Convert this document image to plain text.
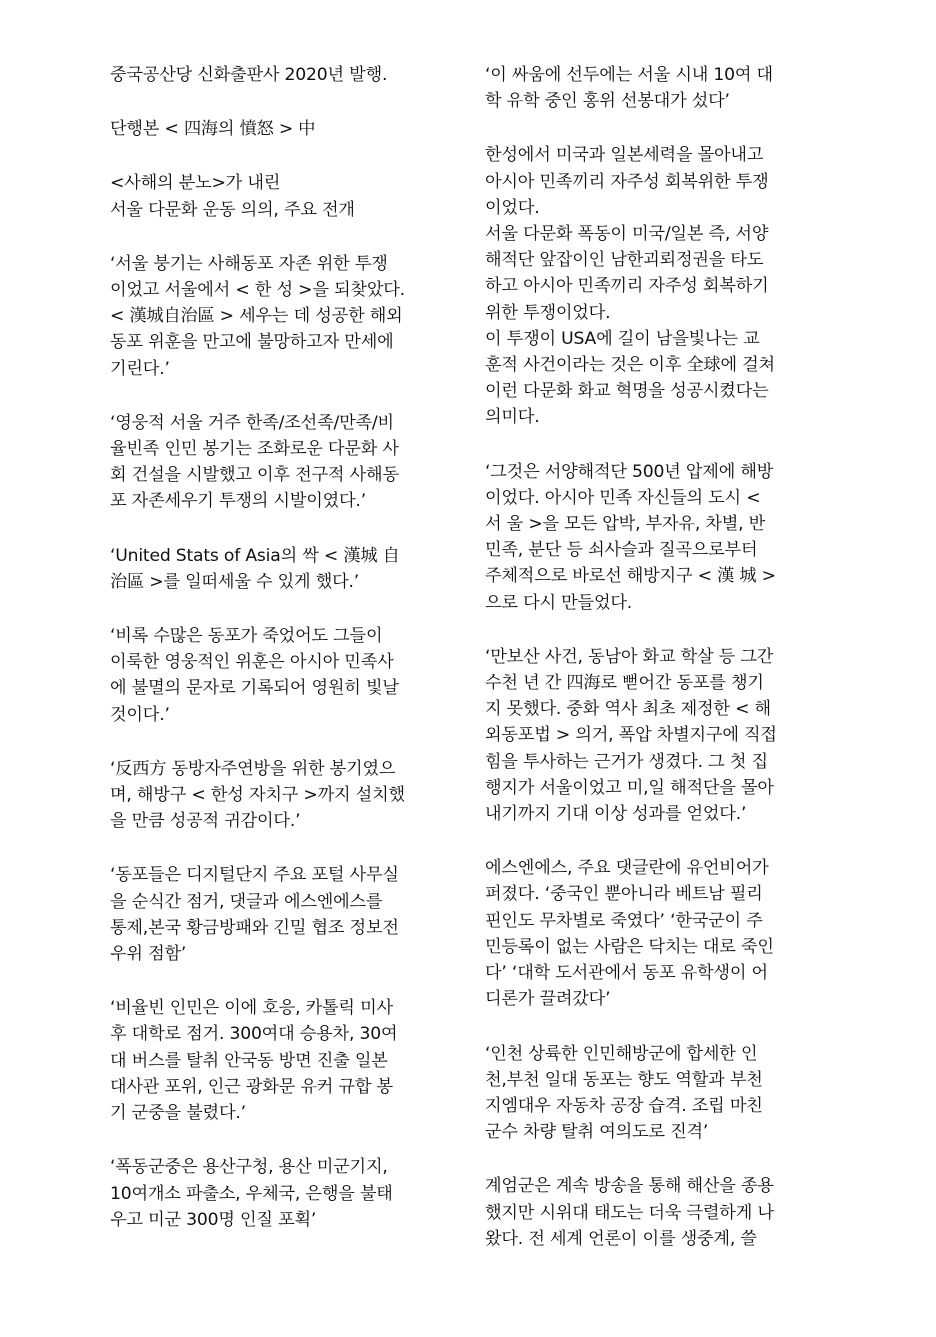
중국공산당 신화출판사 2020년 발행.

단행본 < 四海의 憤怒 > 中

<사해의 분노>가 내린
서울 다문화 운동 의의, 주요 전개

‘서울 붕기는 사해동포 자존 위한 투쟁
이었고 서울에서 < 한 성 >을 되찾았다.
< 漢城自治區 > 세우는 데 성공한 해외
동포 위훈을 만고에 불망하고자 만세에
기린다.’

‘영웅적 서울 거주 한족/조선족/만족/비
율빈족 인민 봉기는 조화로운 다문화 사
회 건설을 시발했고 이후 전구적 사해동
포 자존세우기 투쟁의 시발이였다.’

‘United Stats of Asia의 싹 < 漢城 自
治區 >를 일떠세울 수 있게 했다.’

‘비록 수많은 동포가 죽었어도 그들이
이룩한 영웅적인 위훈은 아시아 민족사
에 불멸의 문자로 기록되어 영원히 빛날
것이다.’

‘反西方 동방자주연방을 위한 봉기였으
며, 해방구 < 한성 자치구 >까지 설치했
을 만큼 성공적 귀감이다.’

‘동포들은 디지털단지 주요 포털 사무실
을 순식간 점거, 댓글과 에스엔에스를
통제,본국 황금방패와 긴밀 협조 정보전
우위 점함’

‘비율빈 인민은 이에 호응, 카톨릭 미사
후 대학로 점거. 300여대 승용차, 30여
대 버스를 탈취 안국동 방면 진출 일본
대사관 포위, 인근 광화문 유커 규합 봉
기 군중을 불렸다.’

‘폭동군중은 용산구청, 용산 미군기지,
10여개소 파출소, 우체국, 은행을 불태
우고 미군 300명 인질 포획’

‘이 싸움에 선두에는 서울 시내 10여 대
학 유학 중인 홍위 선봉대가 섰다’

한성에서 미국과 일본세력을 몰아내고
아시아 민족끼리 자주성 회복위한 투쟁
이었다.

서울 다문화 폭동이 미국/일본 즉, 서양
해적단 앞잡이인 남한괴뢰정권을 타도
하고 아시아 민족끼리 자주성 회복하기
위한 투쟁이었다.

이 투쟁이 USA에 길이 남을빛나는 교
훈적 사건이라는 것은 이후 全球에 걸쳐
이런 다문화 화교 혁명을 성공시켰다는
의미다.

‘그것은 서양해적단 500년 압제에 해방
이었다. 아시아 민족 자신들의 도시 <
서 울 >을 모든 압박, 부자유, 차별, 반
민족, 분단 등 쇠사슬과 질곡으로부터
주체적으로 바로선 해방지구 < 漢 城 >
으로 다시 만들었다.

‘만보산 사건, 동남아 화교 학살 등 그간
수천 년 간 四海로 뻗어간 동포를 챙기
지 못했다. 중화 역사 최초 제정한 < 해
외동포법 > 의거, 폭압 차별지구에 직접
힘을 투사하는 근거가 생겼다. 그 첫 집
행지가 서울이었고 미,일 해적단을 몰아
내기까지 기대 이상 성과를 얻었다.’

에스엔에스, 주요 댓글란에 유언비어가
퍼졌다. ‘중국인 뿐아니라 베트남 필리
핀인도 무차별로 죽였다’ ‘한국군이 주
민등록이 없는 사람은 닥치는 대로 죽인
다’ ‘대학 도서관에서 동포 유학생이 어
디론가 끌려갔다’

‘인천 상륙한 인민해방군에 합세한 인
천,부천 일대 동포는 향도 역할과 부천
지엠대우 자동차 공장 습격. 조립 마친
군수 차량 탈취 여의도로 진격’

계엄군은 계속 방송을 통해 해산을 종용
했지만 시위대 태도는 더욱 극렬하게 나
왔다. 전 세계 언론이 이를 생중계, 쓸
